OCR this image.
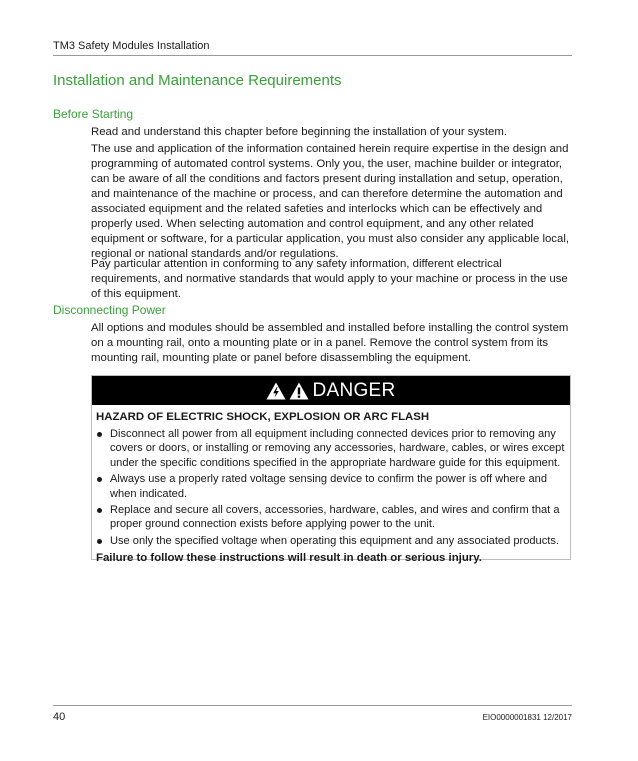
TM3 Safety Modules Installation
Installation and Maintenance Requirements
Before Starting

Read and understand this chapter before beginning the installation of your system.

The use and application of the information contained herein require expertise in the design and programming of automated control systems. Only you, the user, machine builder or integrator, can be aware of all the conditions and factors present during installation and setup, operation, and maintenance of the machine or process, and can therefore determine the automation and associated equipment and the related safeties and interlocks which can be effectively and properly used. When selecting automation and control equipment, and any other related equipment or software, for a particular application, you must also consider any applicable local, regional or national standards and/or regulations.

Pay particular attention in conforming to any safety information, different electrical requirements, and normative standards that would apply to your machine or process in the use of this equipment.

Disconnecting Power

All options and modules should be assembled and installed before installing the control system on a mounting rail, onto a mounting plate or in a panel. Remove the control system from its mounting rail, mounting plate or panel before disassembling the equipment.

DANGER
HAZARD OF ELECTRIC SHOCK, EXPLOSION OR ARC FLASH
Disconnect all power from all equipment including connected devices prior to removing any covers or doors, or installing or removing any accessories, hardware, cables, or wires except under the specific conditions specified in the appropriate hardware guide for this equipment.
Always use a properly rated voltage sensing device to confirm the power is off where and when indicated.
Replace and secure all covers, accessories, hardware, cables, and wires and confirm that a proper ground connection exists before applying power to the unit.
Use only the specified voltage when operating this equipment and any associated products.
Failure to follow these instructions will result in death or serious injury.
40	EIO0000001831 12/2017
